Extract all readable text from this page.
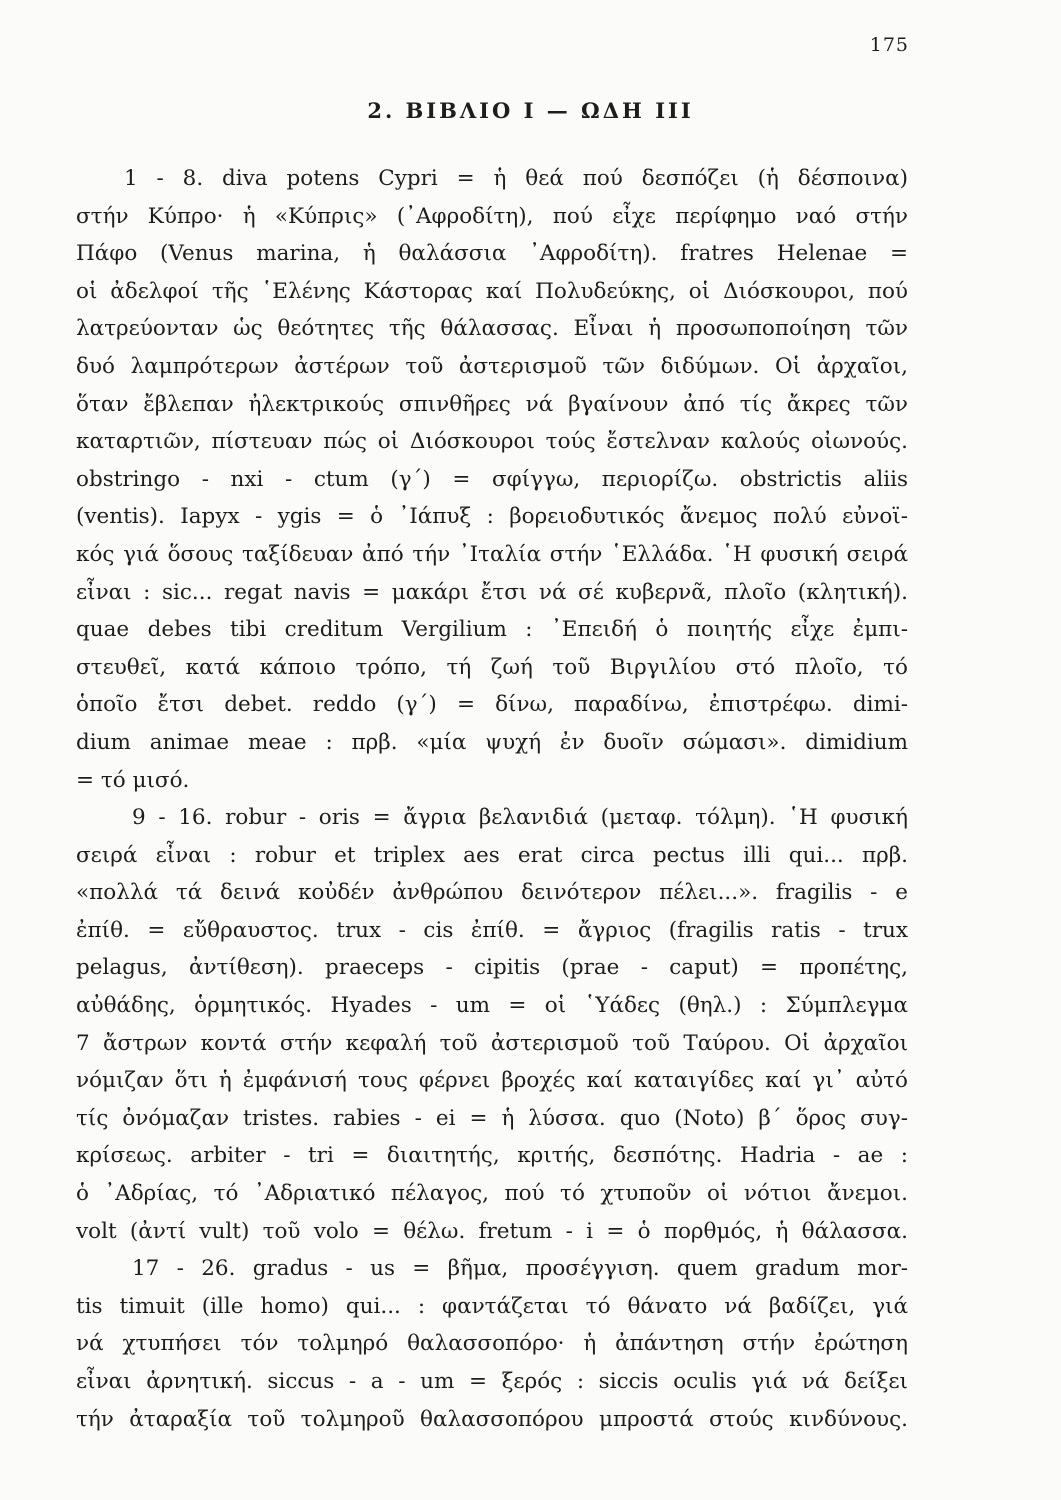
175
2. ΒΙΒΛΙΟ Ι — ΩΔΗ ΙΙΙ
1 - 8. diva potens Cypri = ἡ θεά πού δεσπόζει (ἡ δέσποινα)
στήν Κύπρο· ἡ «Κύπρις» (᾿Αφροδίτη), πού εἶχε περίφημο ναό στήν
Πάφο (Venus marina, ἡ θαλάσσια ᾿Αφροδίτη). fratres Helenae =
οἱ ἀδελφοί τῆς ῾Ελένης Κάστορας καί Πολυδεύκης, οἱ Διόσκουροι, πού
λατρεύονταν ὡς θεότητες τῆς θάλασσας. Εἶναι ἡ προσωποποίηση τῶν
δυό λαμπρότερων ἀστέρων τοῦ ἀστερισμοῦ τῶν διδύμων. Οἱ ἀρχαῖοι,
ὅταν ἔβλεπαν ἠλεκτρικούς σπινθῆρες νά βγαίνουν ἀπό τίς ἄκρες τῶν
καταρτιῶν, πίστευαν πώς οἱ Διόσκουροι τούς ἔστελναν καλούς οἰωνούς.
obstringo - nxi - ctum (γ΄) = σφίγγω, περιορίζω. obstrictis aliis
(ventis). Iapyx - ygis = ὁ ᾿Ιάπυξ : βορειοδυτικός ἄνεμος πολύ εὐνοϊ-
κός γιά ὅσους ταξίδευαν ἀπό τήν ᾿Ιταλία στήν ῾Ελλάδα. ῾Η φυσική σειρά
εἶναι : sic... regat navis = μακάρι ἔτσι νά σέ κυβερνᾶ, πλοῖο (κλητική).
quae debes tibi creditum Vergilium : ᾿Επειδή ὁ ποιητής εἶχε ἐμπι-
στευθεῖ, κατά κάποιο τρόπο, τή ζωή τοῦ Βιργιλίου στό πλοῖο, τό
ὁποῖο ἔτσι debet. reddo (γ΄) = δίνω, παραδίνω, ἐπιστρέφω. dimi-
dium animae meae : πρβ. «μία ψυχή ἐν δυοῖν σώμασι». dimidium
= τό μισό.
9 - 16. robur - oris = ἄγρια βελανιδιά (μεταφ. τόλμη). ῾Η φυσική
σειρά εἶναι : robur et triplex aes erat circa pectus illi qui... πρβ.
«πολλά τά δεινά κοὐδέν ἀνθρώπου δεινότερον πέλει...». fragilis - e
ἐπίθ. = εὔθραυστος. trux - cis ἐπίθ. = ἄγριος (fragilis ratis - trux
pelagus, ἀντίθεση). praeceps - cipitis (prae - caput) = προπέτης,
αὐθάδης, ὁρμητικός. Hyades - um = οἱ ῾Υάδες (θηλ.) : Σύμπλεγμα
7 ἄστρων κοντά στήν κεφαλή τοῦ ἀστερισμοῦ τοῦ Ταύρου. Οἱ ἀρχαῖοι
νόμιζαν ὅτι ἡ ἐμφάνισή τους φέρνει βροχές καί καταιγίδες καί γι᾿ αὐτό
τίς ὀνόμαζαν tristes. rabies - ei = ἡ λύσσα. quo (Noto) β΄ ὅρος συγ-
κρίσεως. arbiter - tri = διαιτητής, κριτής, δεσπότης. Hadria - ae :
ὁ ᾿Αδρίας, τό ᾿Αδριατικό πέλαγος, πού τό χτυποῦν οἱ νότιοι ἄνεμοι.
volt (ἀντί vult) τοῦ volo = θέλω. fretum - i = ὁ πορθμός, ἡ θάλασσα.
17 - 26. gradus - us = βῆμα, προσέγγιση. quem gradum mor-
tis timuit (ille homo) qui... : φαντάζεται τό θάνατο νά βαδίζει, γιά
νά χτυπήσει τόν τολμηρό θαλασσοπόρο· ἡ ἀπάντηση στήν ἐρώτηση
εἶναι ἀρνητική. siccus - a - um = ξερός : siccis oculis γιά νά δείξει
τήν ἀταραξία τοῦ τολμηροῦ θαλασσοπόρου μπροστά στούς κινδύνους.
